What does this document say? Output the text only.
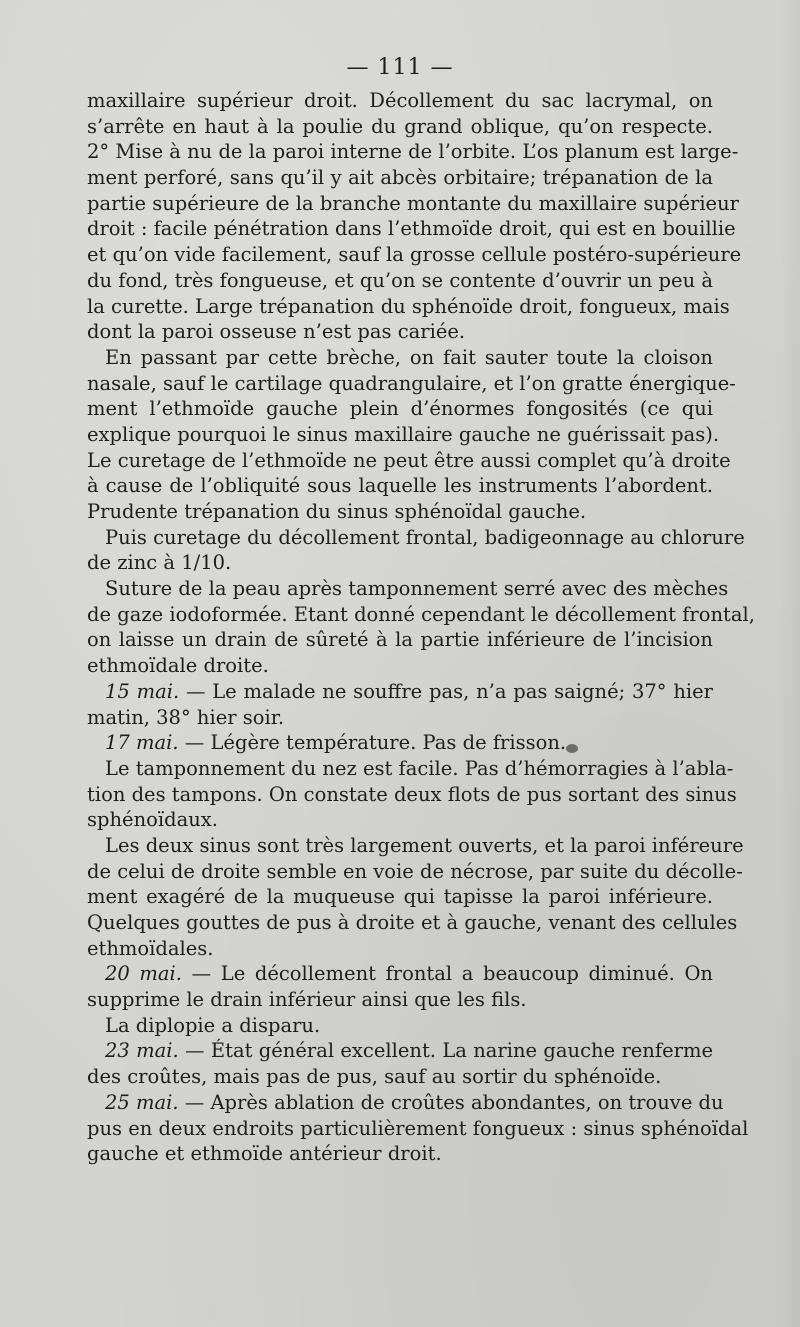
— 111 —
maxillaire supérieur droit. Décollement du sac lacrymal, on
s’arrête en haut à la poulie du grand oblique, qu’on respecte.
2° Mise à nu de la paroi interne de l’orbite. L’os planum est large-
ment perforé, sans qu’il y ait abcès orbitaire; trépanation de la
partie supérieure de la branche montante du maxillaire supérieur
droit : facile pénétration dans l’ethmoïde droit, qui est en bouillie
et qu’on vide facilement, sauf la grosse cellule postéro-supérieure
du fond, très fongueuse, et qu’on se contente d’ouvrir un peu à
la curette. Large trépanation du sphénoïde droit, fongueux, mais
dont la paroi osseuse n’est pas cariée.
En passant par cette brèche, on fait sauter toute la cloison
nasale, sauf le cartilage quadrangulaire, et l’on gratte énergique-
ment l’ethmoïde gauche plein d’énormes fongosités (ce qui
explique pourquoi le sinus maxillaire gauche ne guérissait pas).
Le curetage de l’ethmoïde ne peut être aussi complet qu’à droite
à cause de l’obliquité sous laquelle les instruments l’abordent.
Prudente trépanation du sinus sphénoïdal gauche.
Puis curetage du décollement frontal, badigeonnage au chlorure
de zinc à 1/10.
Suture de la peau après tamponnement serré avec des mèches
de gaze iodoformée. Etant donné cependant le décollement frontal,
on laisse un drain de sûreté à la partie inférieure de l’incision
ethmoïdale droite.
15 mai. — Le malade ne souffre pas, n’a pas saigné; 37° hier
matin, 38° hier soir.
17 mai. — Légère température. Pas de frisson.
Le tamponnement du nez est facile. Pas d’hémorragies à l’abla-
tion des tampons. On constate deux flots de pus sortant des sinus
sphénoïdaux.
Les deux sinus sont très largement ouverts, et la paroi inféreure
de celui de droite semble en voie de nécrose, par suite du décolle-
ment exagéré de la muqueuse qui tapisse la paroi inférieure.
Quelques gouttes de pus à droite et à gauche, venant des cellules
ethmoïdales.
20 mai. — Le décollement frontal a beaucoup diminué. On
supprime le drain inférieur ainsi que les fils.
La diplopie a disparu.
23 mai. — État général excellent. La narine gauche renferme
des croûtes, mais pas de pus, sauf au sortir du sphénoïde.
25 mai. — Après ablation de croûtes abondantes, on trouve du
pus en deux endroits particulièrement fongueux : sinus sphénoïdal
gauche et ethmoïde antérieur droit.
